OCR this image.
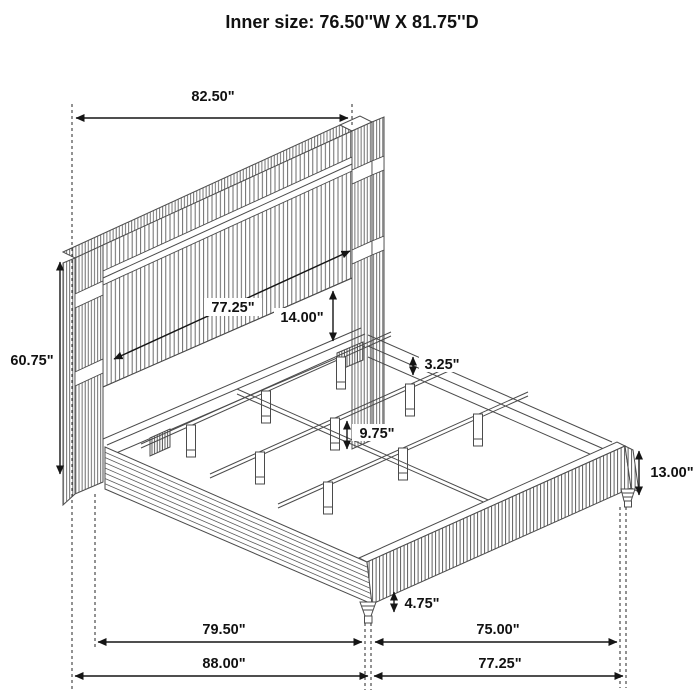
Inner size: 76.50''W X 81.75''D
82.50"
77.25"
14.00"
3.25"
9.75"
60.75"
13.00"
4.75"
79.50"	75.00"
88.00"	77.25"
